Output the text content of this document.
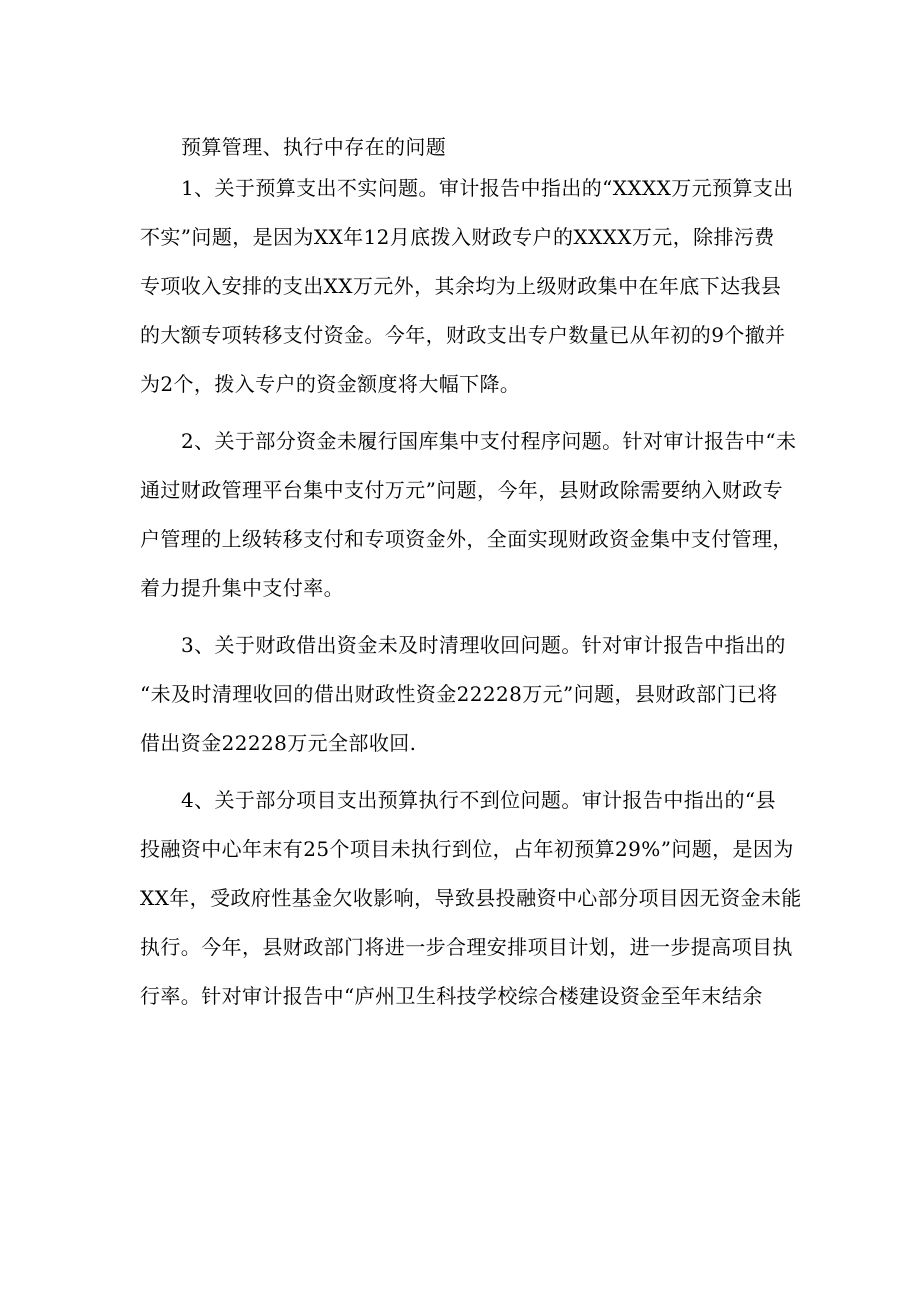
预算管理、执行中存在的问题
1、关于预算支出不实问题。审计报告中指出的“XXXX万元预算支出
不实”问题，是因为XX年12月底拨入财政专户的XXXX万元，除排污费
专项收入安排的支出XX万元外，其余均为上级财政集中在年底下达我县
的大额专项转移支付资金。今年，财政支出专户数量已从年初的9个撤并
为2个，拨入专户的资金额度将大幅下降。
2、关于部分资金未履行国库集中支付程序问题。针对审计报告中“未
通过财政管理平台集中支付万元”问题，今年，县财政除需要纳入财政专
户管理的上级转移支付和专项资金外，全面实现财政资金集中支付管理，
着力提升集中支付率。
3、关于财政借出资金未及时清理收回问题。针对审计报告中指出的
“未及时清理收回的借出财政性资金22228万元”问题，县财政部门已将
借出资金22228万元全部收回.
4、关于部分项目支出预算执行不到位问题。审计报告中指出的“县
投融资中心年末有25个项目未执行到位，占年初预算29%”问题，是因为
XX年，受政府性基金欠收影响，导致县投融资中心部分项目因无资金未能
执行。今年，县财政部门将进一步合理安排项目计划，进一步提高项目执
行率。针对审计报告中“庐州卫生科技学校综合楼建设资金至年末结余
